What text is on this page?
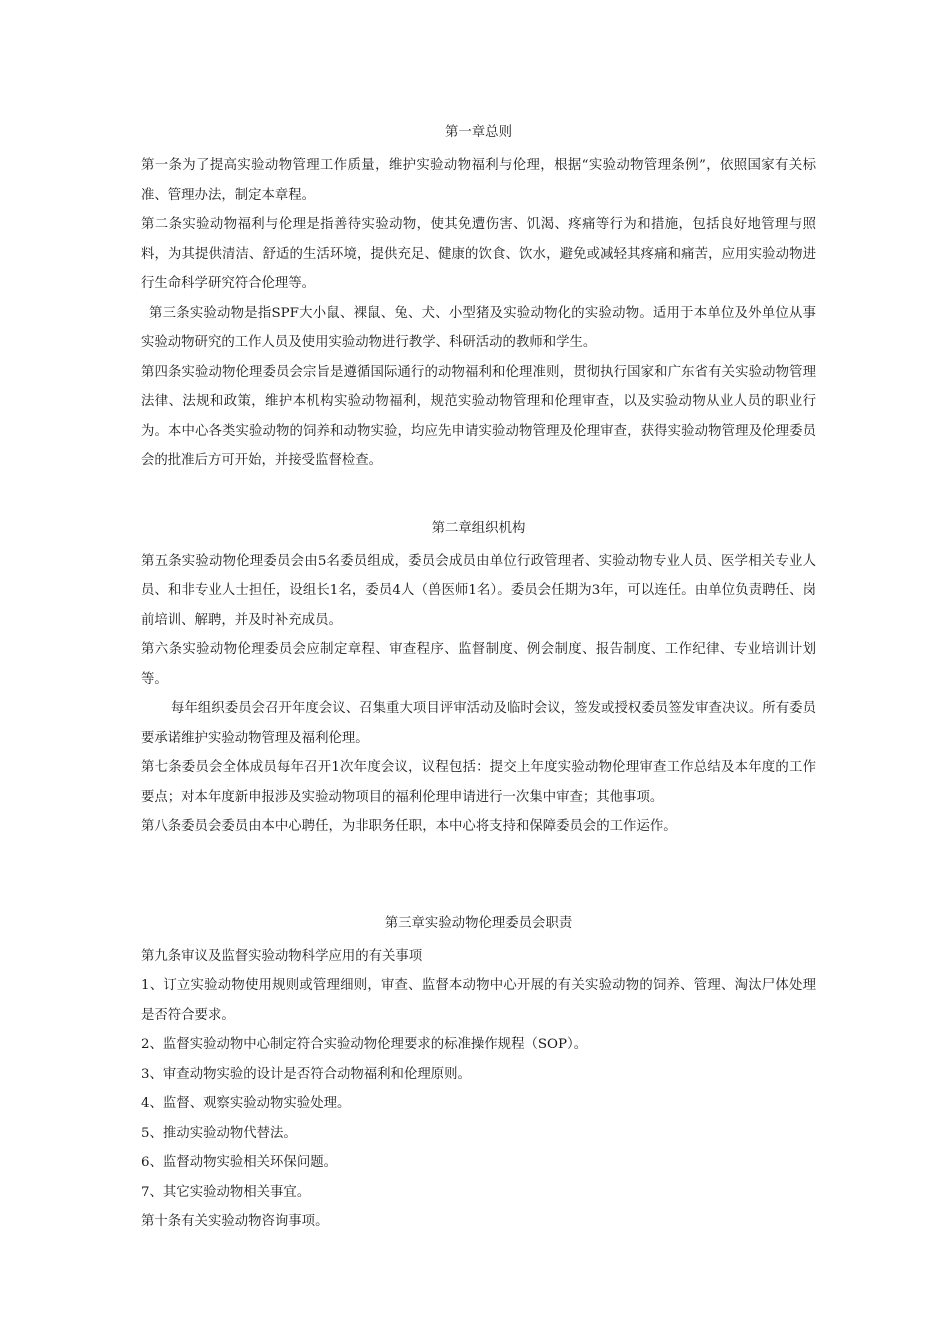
第一章总则

第一条为了提高实验动物管理工作质量，维护实验动物福利与伦理，根据“实验动物管理条例”，依照国家有关标准、管理办法，制定本章程。

第二条实验动物福利与伦理是指善待实验动物，使其免遭伤害、饥渴、疼痛等行为和措施，包括良好地管理与照料，为其提供清洁、舒适的生活环境，提供充足、健康的饮食、饮水，避免或减轻其疼痛和痛苦，应用实验动物进行生命科学研究符合伦理等。

第三条实验动物是指SPF大小鼠、裸鼠、兔、犬、小型猪及实验动物化的实验动物。适用于本单位及外单位从事实验动物研究的工作人员及使用实验动物进行教学、科研活动的教师和学生。

第四条实验动物伦理委员会宗旨是遵循国际通行的动物福利和伦理准则，贯彻执行国家和广东省有关实验动物管理法律、法规和政策，维护本机构实验动物福利，规范实验动物管理和伦理审查，以及实验动物从业人员的职业行为。本中心各类实验动物的饲养和动物实验，均应先申请实验动物管理及伦理审查，获得实验动物管理及伦理委员会的批准后方可开始，并接受监督检查。

第二章组织机构

第五条实验动物伦理委员会由5名委员组成，委员会成员由单位行政管理者、实验动物专业人员、医学相关专业人员、和非专业人士担任，设组长1名，委员4人（兽医师1名）。委员会任期为3年，可以连任。由单位负责聘任、岗前培训、解聘，并及时补充成员。

第六条实验动物伦理委员会应制定章程、审查程序、监督制度、例会制度、报告制度、工作纪律、专业培训计划等。

每年组织委员会召开年度会议、召集重大项目评审活动及临时会议，签发或授权委员签发审查决议。所有委员要承诺维护实验动物管理及福利伦理。

第七条委员会全体成员每年召开1次年度会议，议程包括：提交上年度实验动物伦理审查工作总结及本年度的工作要点；对本年度新申报涉及实验动物项目的福利伦理申请进行一次集中审查；其他事项。

第八条委员会委员由本中心聘任，为非职务任职，本中心将支持和保障委员会的工作运作。

第三章实验动物伦理委员会职责

第九条审议及监督实验动物科学应用的有关事项

1、订立实验动物使用规则或管理细则，审查、监督本动物中心开展的有关实验动物的饲养、管理、淘汰尸体处理是否符合要求。

2、监督实验动物中心制定符合实验动物伦理要求的标准操作规程（SOP）。

3、审查动物实验的设计是否符合动物福利和伦理原则。

4、监督、观察实验动物实验处理。

5、推动实验动物代替法。

6、监督动物实验相关环保问题。

7、其它实验动物相关事宜。

第十条有关实验动物咨询事项。
